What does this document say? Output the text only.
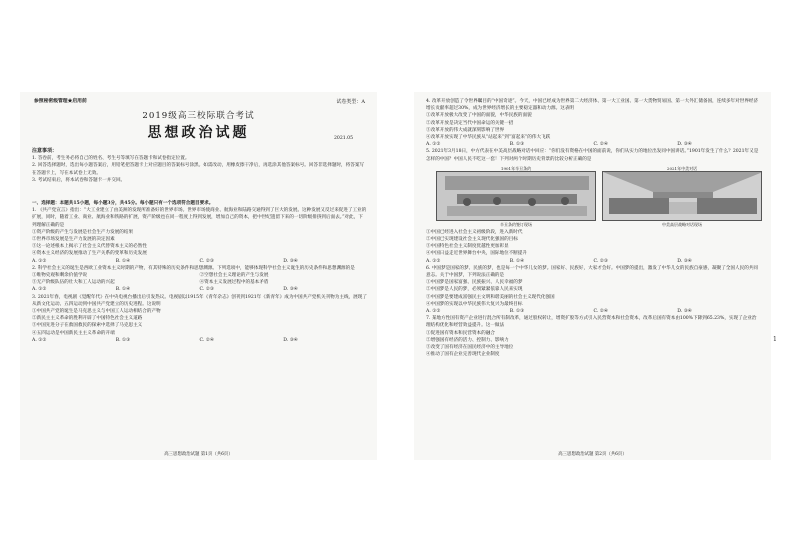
参照秘密级管理★启用前	试卷类型：A
2019级高三校际联合考试
思想政治试题	2021.05
注意事项：
1. 答卷前，考生务必将自己的姓名、考生号等填写在答题卡和试卷指定位置。
2. 回答选择题时，选出每小题答案后，用铅笔把答题卡上对应题目的答案标号涂黑。如需改动，用橡皮擦干净后，再选涂其他答案标号。回答非选择题时，将答案写在答题卡上，写在本试卷上无效。
3. 考试结束后，将本试卷和答题卡一并交回。
一、选择题：本题共15小题，每小题3分，共45分。每小题只有一个选项符合题目要求。
1. 《共产党宣言》指出：“大工业建立了由美洲的发现所准备好的世界市场。世界市场使商业、航海业和陆路交通得到了巨大的发展。这种发展又反过来促进了工业的扩展，同时，随着工业、商业、航海业和铁路的扩展，资产阶级也在同一程度上得到发展，增加自己的资本，把中世纪遗留下来的一切阶级排挤到后面去。”对此，下列理解正确的是
①资产阶级的产生与发展是社会生产力发展的结果
②世界市场发展是生产力发展的决定因素
③这一论述根本上揭示了社会主义代替资本主义的必然性
④资本主义经济的发展推动了生产关系的变革和历史发展
A. ①②	B. ①④	C. ②③	D. ③④
2. 科学社会主义的诞生是西欧工业资本主义时期的产物，有其特殊的历史条件和思想渊源。下列选项中，能够体现科学社会主义诞生的历史条件和思想渊源的是
①唯物史观和剩余价值学说	②空想社会主义理论的产生与发展
③无产阶级队伍的壮大和工人运动的兴起	④资本主义发展过程中的基本矛盾
A. ①②	B. ①④	C. ②③	D. ③④
3. 2021年春，电视剧《觉醒年代》在中央电视台播出后引发热议。电视剧以1915年《青年杂志》创刊到1921年《新青年》成为中国共产党机关刊物为主线，展现了从新文化运动、五四运动到中国共产党建立的历史进程。这说明
①中国共产党的诞生是马克思主义与中国工人运动相结合的产物
②新民主主义革命的胜利开辟了中国特色社会主义道路
③中国先进分子在救国救民的探索中选择了马克思主义
④五四运动是中国新民主主义革命的开端
A. ①②	B. ①③	C. ②④	D. ③④
高三思想政治试题 第1页（共6页）
4. 改革开放创造了令世界瞩目的“中国奇迹”。今天，中国已经成为世界第二大经济体、第一大工业国、第一大货物贸易国、第一大外汇储备国，连续多年对世界经济增长贡献率超过30%，成为世界经济增长的主要稳定器和动力源。这表明
①改革开放极大改变了中国的面貌，中华民族的面貌
②改革开放是决定当代中国命运的关键一招
③改革开放的伟大成就深刻影响了世界
④改革开放实现了中华民族从“站起来”到“富起来”的伟大飞跃
A. ①②	B. ①③	C. ②④	D. ③④
5. 2021年3月18日，中方代表在中美高层战略对话中回应：“你们没有资格在中国的面前说，你们从实力的地位出发同中国讲话。”1901年发生了什么？2021年又是怎样的中国？中国人民不吃这一套！下列对两个时期历史背景的比较分析正确的是
1901年辛丑条约
辛丑条约签订现场
2021年中美对话
中美高层战略对话现场
①中国已经进入社会主义初级阶段，进入新时代
②中国已实现建设社会主义现代化强国的目标
③中国特色社会主义制度优越性更加彰显
④中国日益走近世界舞台中央，国际地位不断提升
A. ①②	B. ①④	C. ②③	D. ③④
6. 中国梦是国家的梦、民族的梦，也是每一个中华儿女的梦。国家好、民族好，大家才会好。中国梦的提出，激发了中华儿女的民族自豪感，凝聚了全国人民的共同意志。关于中国梦，下列说法正确的是
①中国梦是国家富强、民族振兴、人民幸福的梦
②中国梦是人民的梦，必须紧紧依靠人民来实现
③中国梦是要建成富强民主文明和谐美丽的社会主义现代化强国
④中国梦的实现以中华民族伟大复兴为最终目标
A. ①②	B. ①③	C. ②④	D. ③④
7. 某地方性国有资产企业进行混合所有制改革，通过股权转让，增资扩股等方式引入民营资本和社会资本，改革后国有资本由100%下降到65.23%，实现了企业治理结构优化和经营效益提升。这一做法
①促进国有资本和民营资本的融合
②增强国有经济的活力、控制力、影响力
③改变了国有经济在国民经济中的主导地位
④推动了国有企业完善现代企业制度
高三思想政治试题 第2页（共6页）
1
